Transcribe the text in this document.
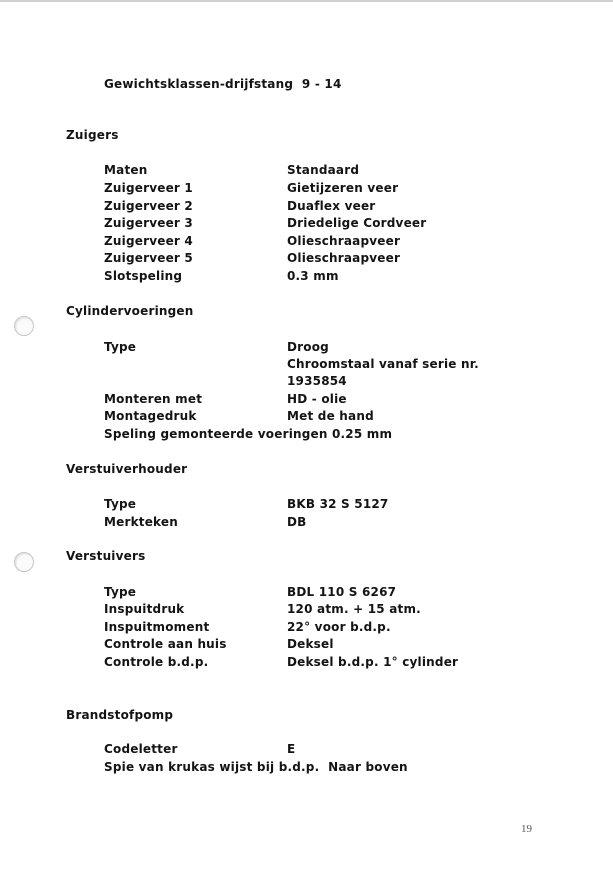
Gewichtsklassen-drijfstang 9 - 14
Zuigers
Maten	Standaard
Zuigerveer 1	Gietijzeren veer
Zuigerveer 2	Duaflex veer
Zuigerveer 3	Driedelige Cordveer
Zuigerveer 4	Olieschraapveer
Zuigerveer 5	Olieschraapveer
Slotspeling	0.3 mm
Cylindervoeringen
Type	Droog
Chroomstaal vanaf serie nr.
1935854
Monteren met	HD - olie
Montagedruk	Met de hand
Speling gemonteerde voeringen 0.25 mm
Verstuiverhouder
Type	BKB 32 S 5127
Merkteken	DB
Verstuivers
Type	BDL 110 S 6267
Inspuitdruk	120 atm. + 15 atm.
Inspuitmoment	22° voor b.d.p.
Controle aan huis	Deksel
Controle b.d.p.	Deksel b.d.p. 1° cylinder
Brandstofpomp
Codeletter	E
Spie van krukas wijst bij b.d.p. Naar boven
19
